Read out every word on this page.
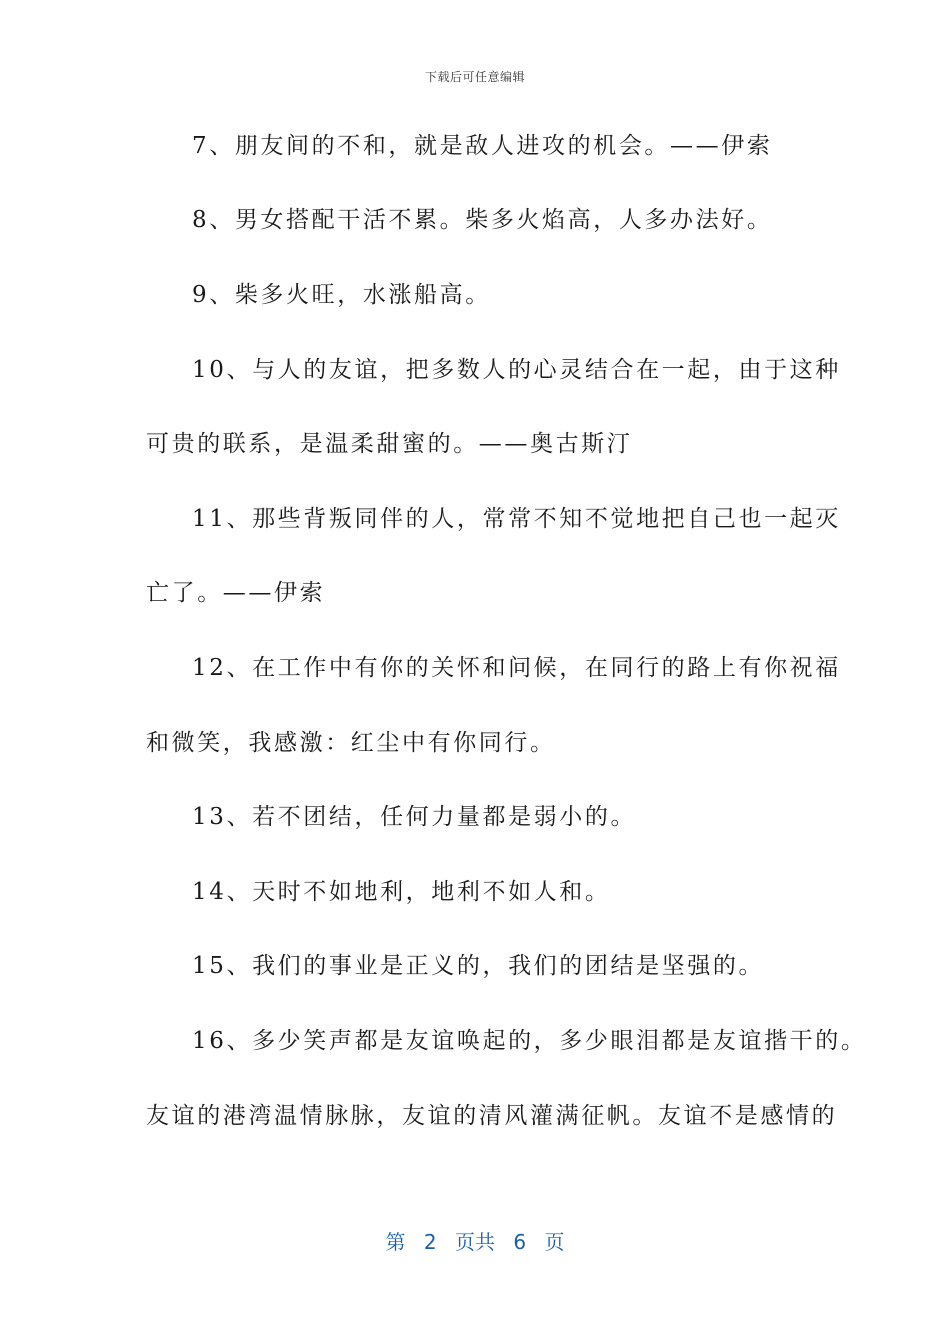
下载后可任意编辑
7、朋友间的不和，就是敌人进攻的机会。——伊索
8、男女搭配干活不累。柴多火焰高，人多办法好。
9、柴多火旺，水涨船高。
10、与人的友谊，把多数人的心灵结合在一起，由于这种
可贵的联系，是温柔甜蜜的。——奥古斯汀
11、那些背叛同伴的人，常常不知不觉地把自己也一起灭
亡了。——伊索
12、在工作中有你的关怀和问候，在同行的路上有你祝福
和微笑，我感激：红尘中有你同行。
13、若不团结，任何力量都是弱小的。
14、天时不如地利，地利不如人和。
15、我们的事业是正义的，我们的团结是坚强的。
16、多少笑声都是友谊唤起的，多少眼泪都是友谊揩干的。
友谊的港湾温情脉脉，友谊的清风灌满征帆。友谊不是感情的
第 2 页共 6 页
